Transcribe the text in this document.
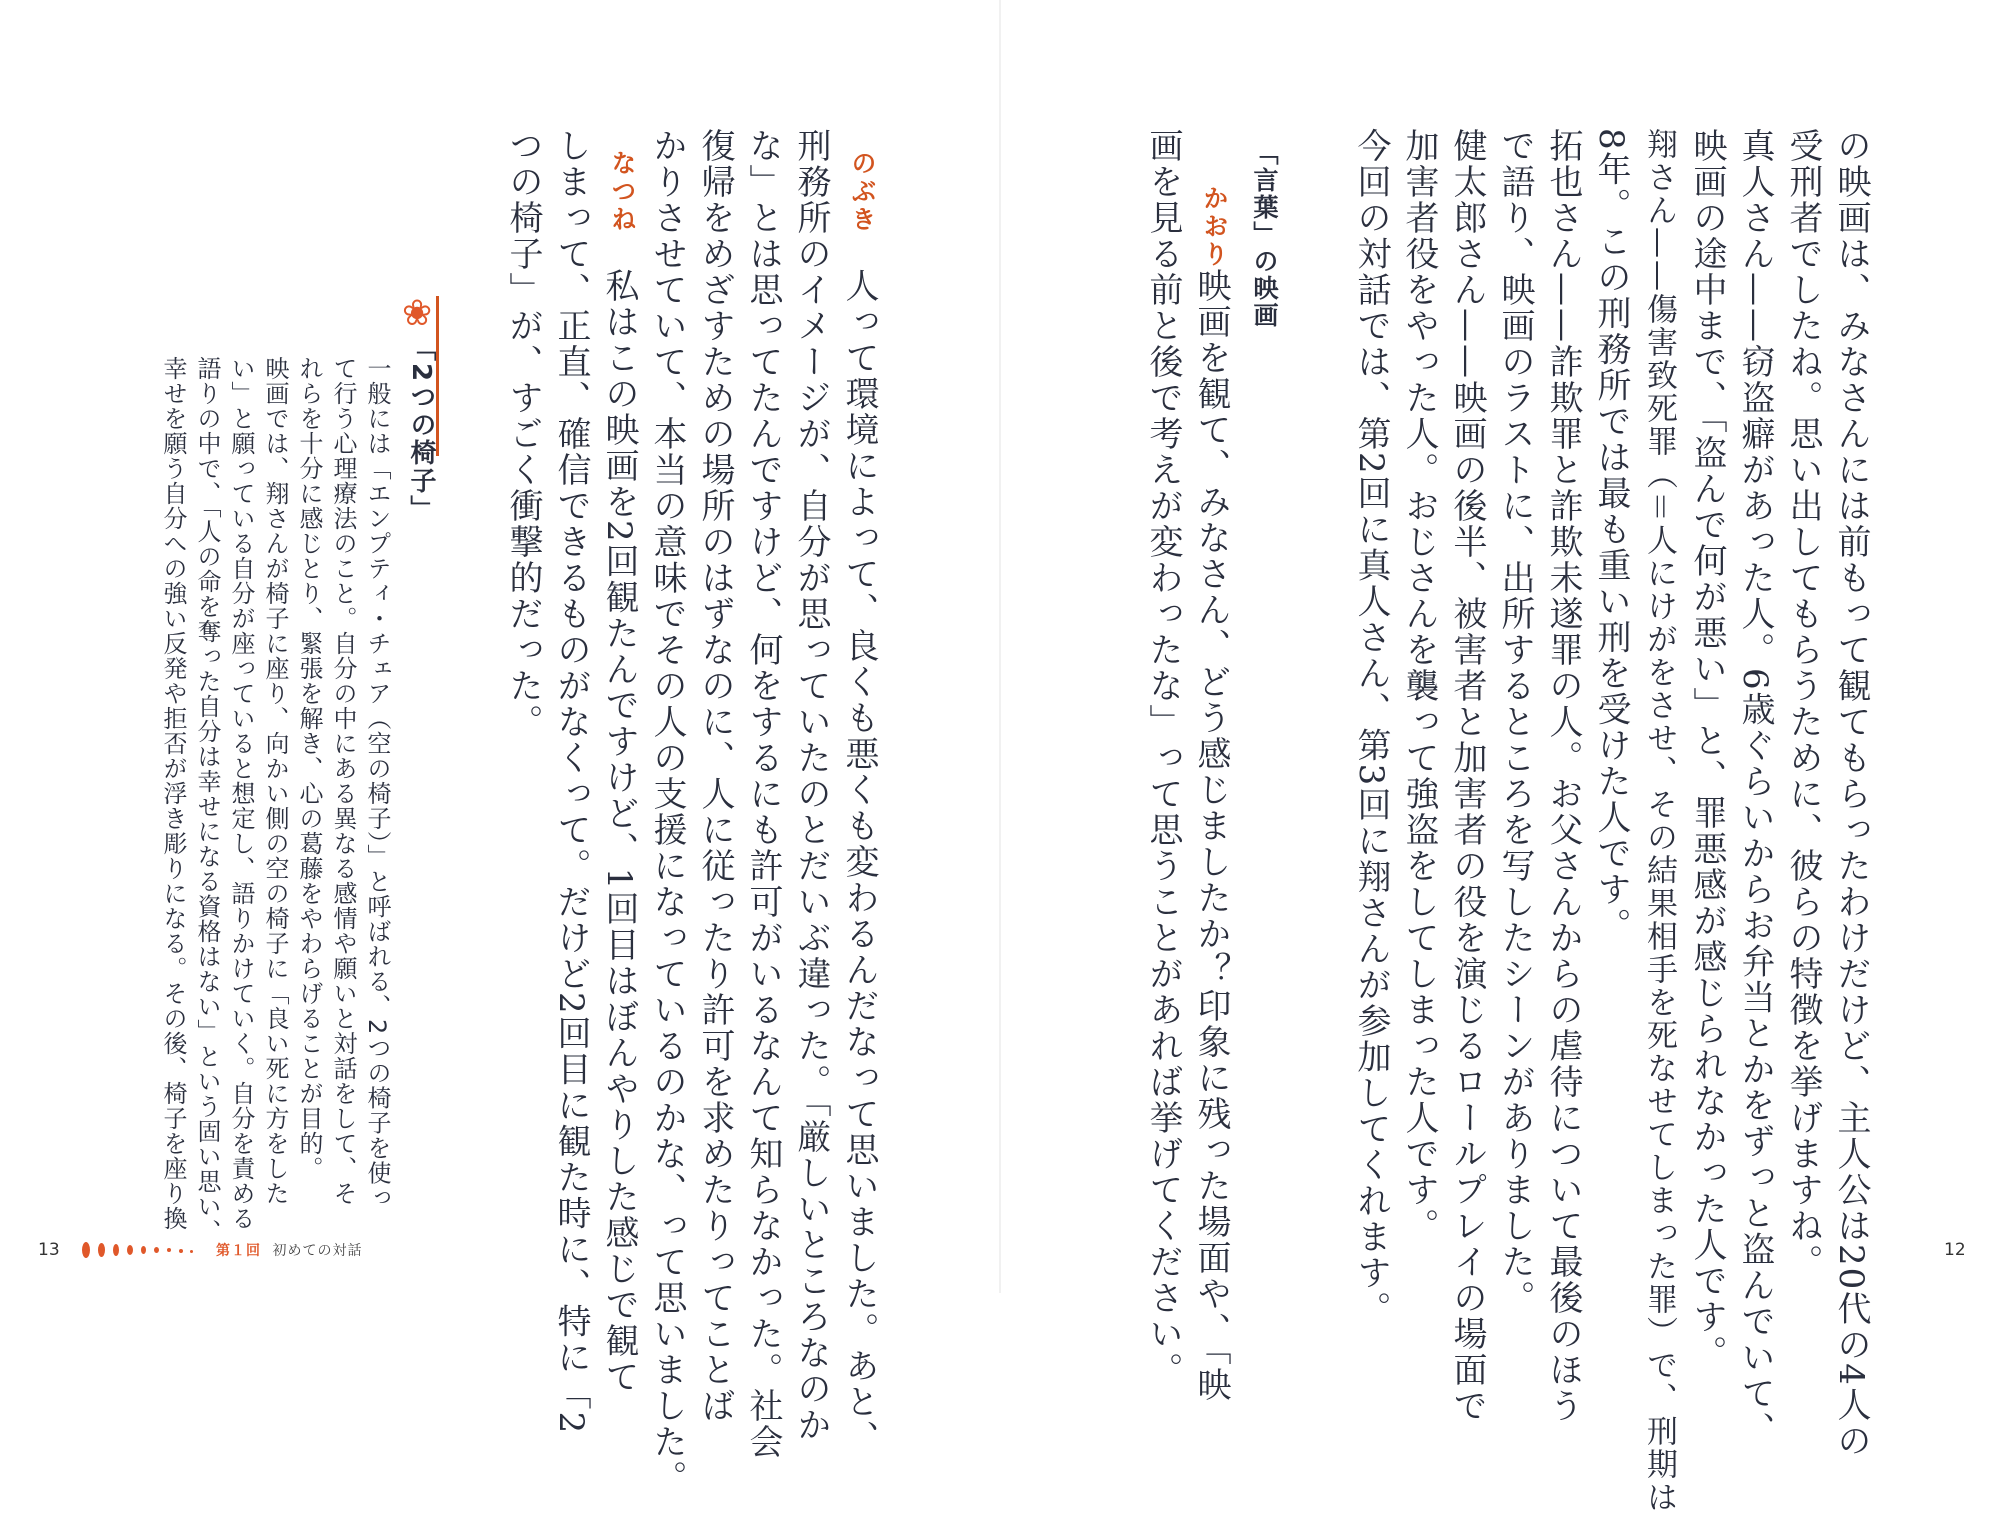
の映画は、みなさんには前もって観てもらったわけだけど、主人公は20代の4人の

受刑者でしたね。思い出してもらうために、彼らの特徴を挙げますね。

真人さん——窃盗癖があった人。6歳ぐらいからお弁当とかをずっと盗んでいて、

映画の途中まで、「盗んで何が悪い」と、罪悪感が感じられなかった人です。

翔さん——傷害致死罪（＝人にけがをさせ、その結果相手を死なせてしまった罪）で、刑期は

8年。この刑務所では最も重い刑を受けた人です。

拓也さん——詐欺罪と詐欺未遂罪の人。お父さんからの虐待について最後のほう

で語り、映画のラストに、出所するところを写したシーンがありました。

健太郎さん——映画の後半、被害者と加害者の役を演じるロールプレイの場面で

加害者役をやった人。おじさんを襲って強盗をしてしまった人です。

今回の対話では、第2回に真人さん、第3回に翔さんが参加してくれます。

「言葉」の映画
かおり

映画を観て、みなさん、どう感じましたか？印象に残った場面や、「映

画を見る前と後で考えが変わったな」って思うことがあれば挙げてください。	12
のぶき

人って環境によって、良くも悪くも変わるんだなって思いました。あと、

刑務所のイメージが、自分が思っていたのとだいぶ違った。「厳しいところなのか

な」とは思ってたんですけど、何をするにも許可がいるなんて知らなかった。社会

復帰をめざすための場所のはずなのに、人に従ったり許可を求めたりってことば

かりさせていて、本当の意味でその人の支援になっているのかな、って思いました。

なつね

私はこの映画を2回観たんですけど、1回目はぼんやりした感じで観て

しまって、正直、確信できるものがなくって。だけど2回目に観た時に、特に「2

つの椅子」が、すごく衝撃的だった。

❀
「2つの椅子」

一般には「エンプティ・チェア（空の椅子）」と呼ばれる、2つの椅子を使っ

て行う心理療法のこと。自分の中にある異なる感情や願いと対話をして、そ

れらを十分に感じとり、緊張を解き、心の葛藤をやわらげることが目的。

映画では、翔さんが椅子に座り、向かい側の空の椅子に「良い死に方をした

い」と願っている自分が座っていると想定し、語りかけていく。自分を責める

語りの中で、「人の命を奪った自分は幸せになる資格はない」という固い思い、

幸せを願う自分への強い反発や拒否が浮き彫りになる。その後、椅子を座り換

13	第１回 初めての対話
